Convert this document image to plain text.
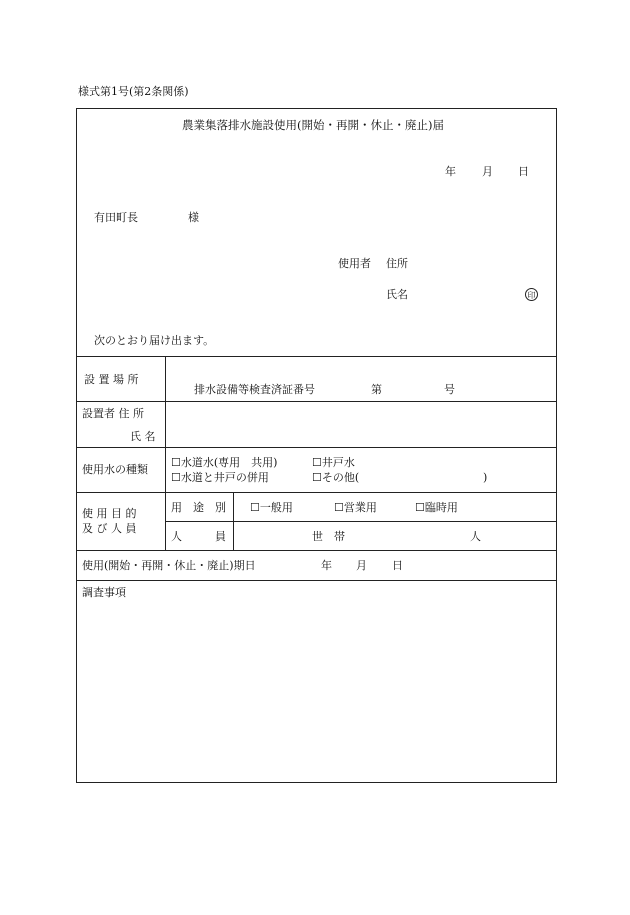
様式第1号(第2条関係)
農業集落排水施設使用(開始・再開・休止・廃止)届
年 月 日
有田町長	様
使用者 住所
氏名	印
次のとおり届け出ます。
設 置 場 所
排水設備等検査済証番号	第	号
設置者 住 所
氏 名
使用水の種類
☐水道水(専用　共用)	☐井戸水
☐水道と井戸の併用	☐その他(	)
使 用 目 的
及 び 人 員
用　途　別 ☐一般用	☐営業用	☐臨時用
人　　　員	世　帯	人
使用(開始・再開・休止・廃止)期日	年 月 日
調査事項
